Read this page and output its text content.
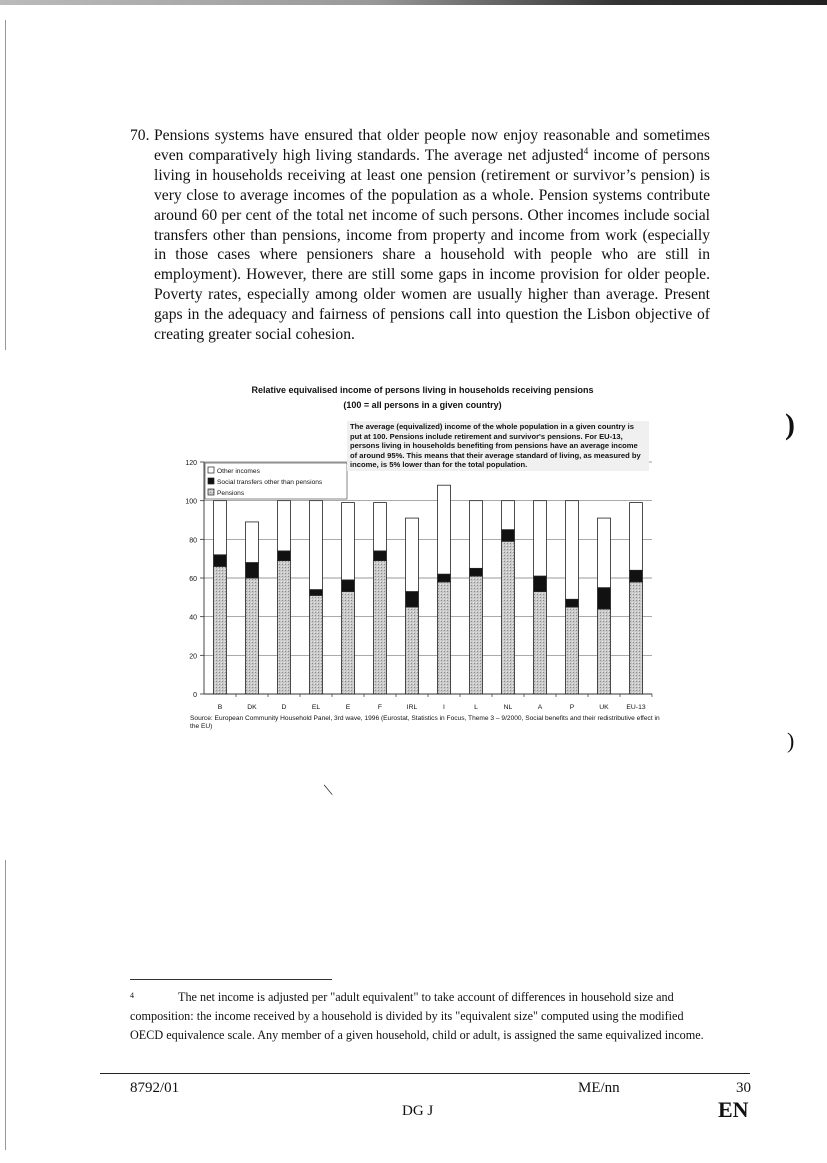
70. Pensions systems have ensured that older people now enjoy reasonable and sometimes even comparatively high living standards. The average net adjusted$^4$ income of persons living in households receiving at least one pension (retirement or survivor’s pension) is very close to average incomes of the population as a whole. Pension systems contribute around 60 per cent of the total net income of such persons. Other incomes include social transfers other than pensions, income from property and income from work (especially in those cases where pensioners share a household with people who are still in employment). However, there are still some gaps in income provision for older people. Poverty rates, especially among older women are usually higher than average. Present gaps in the adequacy and fairness of pensions call into question the Lisbon objective of creating greater social cohesion.
Relative equivalised income of persons living in households receiving pensions
(100 = all persons in a given country)
0
20
40
60
80
100
120
B	DK	D	EL	E	F	IRL	I	L	NL	A	P	UK	EU-13
Other incomes
Social transfers other than pensions
Pensions
The average (equivalized) income of the whole population in a given country is put at 100. Pensions include retirement and survivor's pensions. For EU-13, persons living in households benefiting from pensions have an average income of around 95%. This means that their average standard of living, as measured by income, is 5% lower than for the total population.
Source: European Community Household Panel, 3rd wave, 1996 (Eurostat, Statistics in Focus, Theme 3 – 9/2000, Social benefits and their redistributive effect in the EU)
4	The net income is adjusted per "adult equivalent" to take account of differences in household size and composition: the income received by a household is divided by its "equivalent size" computed using the modified OECD equivalence scale. Any member of a given household, child or adult, is assigned the same equivalized income.
8792/01	ME/nn	30
DG J	EN
)
)
|
